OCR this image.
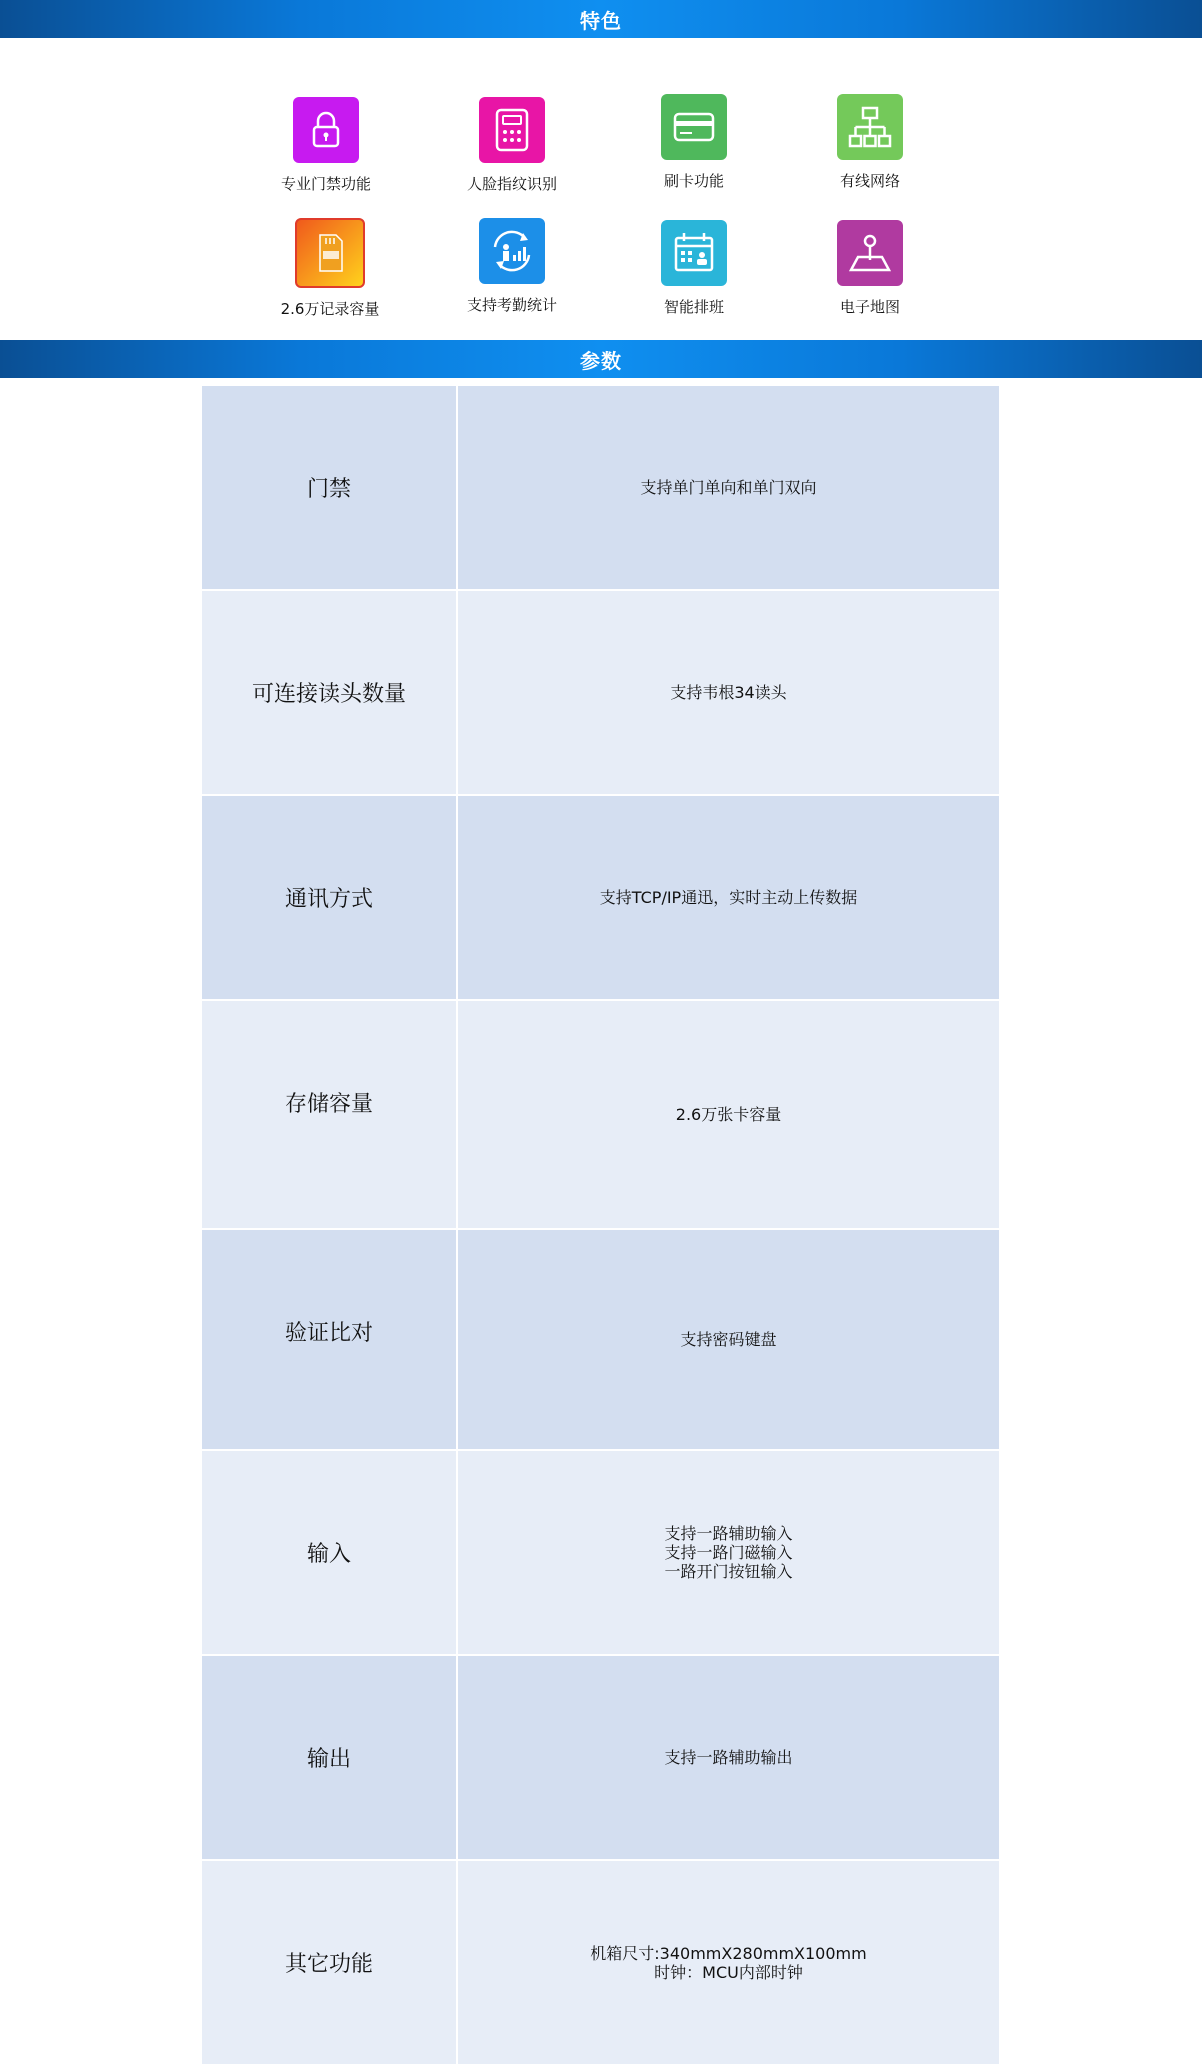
特色
专业门禁功能	人脸指纹识别	刷卡功能	有线网络
2.6万记录容量	支持考勤统计	智能排班	电子地图
参数
门禁	支持单门单向和单门双向

可连接读头数量	支持韦根34读头

通讯方式	支持TCP/IP通迅，实时主动上传数据

存储容量	2.6万张卡容量

验证比对	支持密码键盘

输入	支持一路辅助输入
支持一路门磁输入
一路开门按钮输入

输出	支持一路辅助输出

其它功能	机箱尺寸:340mmX280mmX100mm
时钟：MCU内部时钟
